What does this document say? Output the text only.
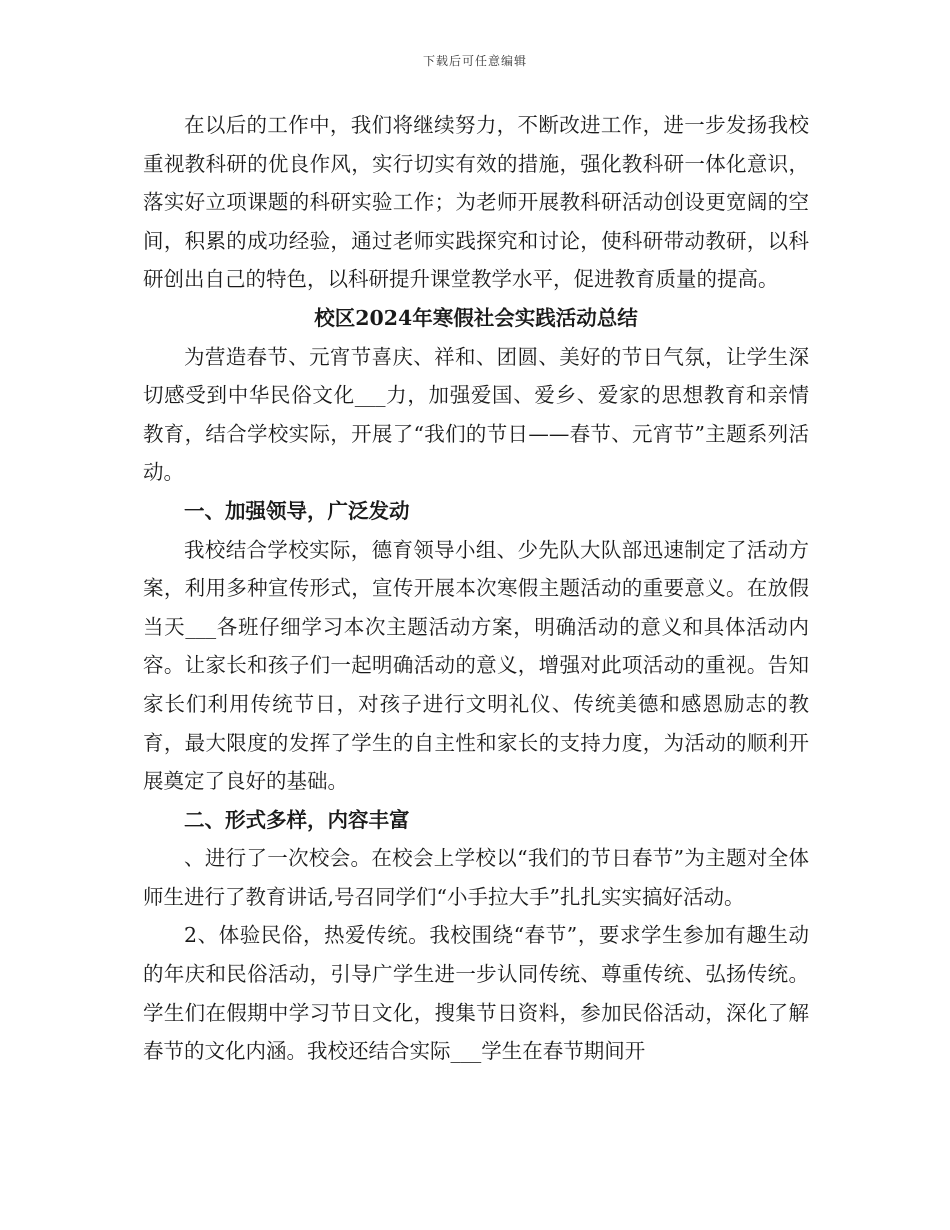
下载后可任意编辑

在以后的工作中，我们将继续努力，不断改进工作，进一步发扬我校重视教科研的优良作风，实行切实有效的措施，强化教科研一体化意识，落实好立项课题的科研实验工作；为老师开展教科研活动创设更宽阔的空间，积累的成功经验，通过老师实践探究和讨论，使科研带动教研，以科研创出自己的特色，以科研提升课堂教学水平，促进教育质量的提高。

校区2024年寒假社会实践活动总结

为营造春节、元宵节喜庆、祥和、团圆、美好的节日气氛，让学生深切感受到中华民俗文化___力，加强爱国、爱乡、爱家的思想教育和亲情教育，结合学校实际，开展了“我们的节日——春节、元宵节”主题系列活动。

一、加强领导，广泛发动

我校结合学校实际，德育领导小组、少先队大队部迅速制定了活动方案，利用多种宣传形式，宣传开展本次寒假主题活动的重要意义。在放假当天___各班仔细学习本次主题活动方案，明确活动的意义和具体活动内容。让家长和孩子们一起明确活动的意义，增强对此项活动的重视。告知家长们利用传统节日，对孩子进行文明礼仪、传统美德和感恩励志的教育，最大限度的发挥了学生的自主性和家长的支持力度，为活动的顺利开展奠定了良好的基础。

二、形式多样，内容丰富

、进行了一次校会。在校会上学校以“我们的节日春节”为主题对全体师生进行了教育讲话,号召同学们“小手拉大手”扎扎实实搞好活动。

2、体验民俗，热爱传统。我校围绕“春节”，要求学生参加有趣生动的年庆和民俗活动，引导广学生进一步认同传统、尊重传统、弘扬传统。学生们在假期中学习节日文化，搜集节日资料，参加民俗活动，深化了解春节的文化内涵。我校还结合实际___学生在春节期间开
